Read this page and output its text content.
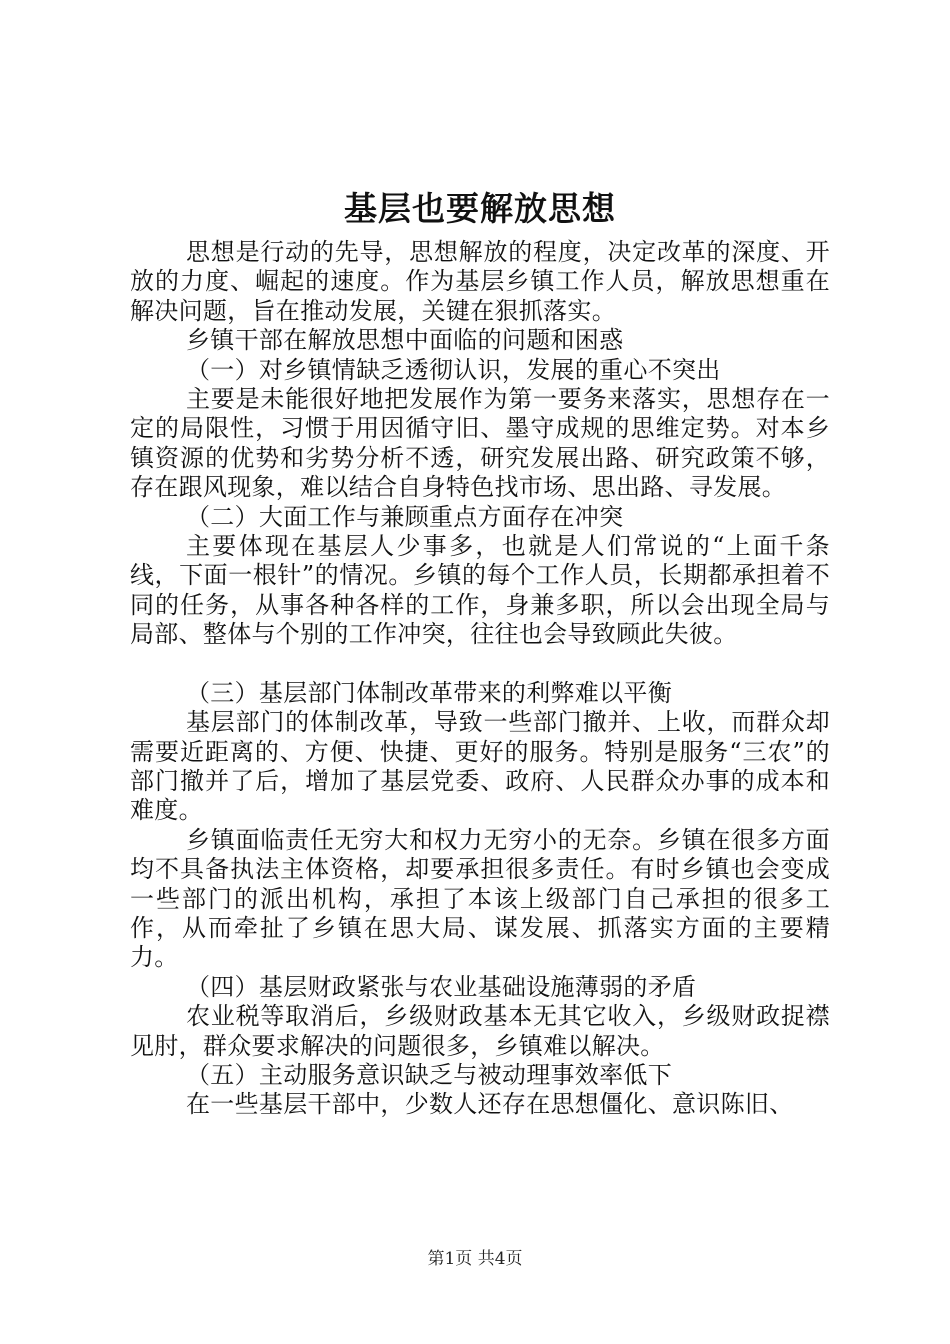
基层也要解放思想

思想是行动的先导，思想解放的程度，决定改革的深度、开放的力度、崛起的速度。作为基层乡镇工作人员，解放思想重在解决问题，旨在推动发展，关键在狠抓落实。

乡镇干部在解放思想中面临的问题和困惑

（一）对乡镇情缺乏透彻认识，发展的重心不突出

主要是未能很好地把发展作为第一要务来落实，思想存在一定的局限性，习惯于用因循守旧、墨守成规的思维定势。对本乡镇资源的优势和劣势分析不透，研究发展出路、研究政策不够，存在跟风现象，难以结合自身特色找市场、思出路、寻发展。

（二）大面工作与兼顾重点方面存在冲突

主要体现在基层人少事多，也就是人们常说的“上面千条线，下面一根针”的情况。乡镇的每个工作人员，长期都承担着不同的任务，从事各种各样的工作，身兼多职，所以会出现全局与局部、整体与个别的工作冲突，往往也会导致顾此失彼。

（三）基层部门体制改革带来的利弊难以平衡

基层部门的体制改革，导致一些部门撤并、上收，而群众却需要近距离的、方便、快捷、更好的服务。特别是服务“三农”的部门撤并了后，增加了基层党委、政府、人民群众办事的成本和难度。

乡镇面临责任无穷大和权力无穷小的无奈。乡镇在很多方面均不具备执法主体资格，却要承担很多责任。有时乡镇也会变成一些部门的派出机构，承担了本该上级部门自己承担的很多工作，从而牵扯了乡镇在思大局、谋发展、抓落实方面的主要精力。

（四）基层财政紧张与农业基础设施薄弱的矛盾

农业税等取消后，乡级财政基本无其它收入，乡级财政捉襟见肘，群众要求解决的问题很多，乡镇难以解决。

（五）主动服务意识缺乏与被动理事效率低下

在一些基层干部中，少数人还存在思想僵化、意识陈旧、

第1页 共4页
